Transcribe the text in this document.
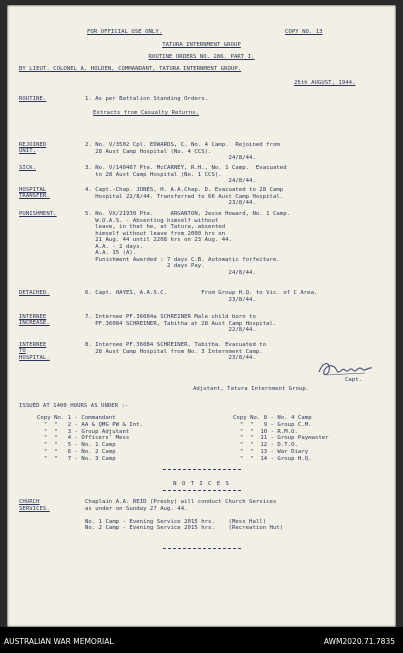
FOR OFFICIAL USE ONLY.	COPY NO. 13
TATURA INTERNMENT GROUP
ROUTINE ORDERS NO. 286. PART I.
BY LIEUT. COLONEL A. HOLDEN, COMMANDANT, TATURA INTERNMENT GROUP.
25th AUGUST, 1944.
ROUTINE.	1. As per Battalion Standing Orders.
Extracts from Casualty Returns.
REJOINED
UNIT.
2. No. V/3502 Cpl. EDWARDS, C. No. 4 Camp.  Rejoined from
28 Aust Camp Hospital (No. 4 CCS).
24/8/44.
SICK.	3. No. V/140467 Pte. McCARNEY, R.H., No. 1 Camp.  Evacuated
to 28 Aust Camp Hospital (No. 1 CCS).
24/8/44.
HOSPITAL
TRANSFER.
4. Capt.-Chap. JONES, H. A.A.Chap. D. Evacuated to 28 Camp
Hospital 22/8/44. Transferred to 66 Aust Camp Hospital.
23/8/44.
PUNISHMENT.	5. No. VX/21930 Pte.     ARGANTON, Jesse Howard, No. 1 Camp.
W.O.A.S. - Absenting himself without
leave, in that he, at Tatura, absented
himself without leave from 2000 hrs on
21 Aug. 44 until 2208 hrs on 23 Aug. 44.
A.A. - 2 days.
A.A. 15 (A).
Punishment Awarded : 7 days C.B. Automatic forfeiture.
2 days Pay.
24/8/44.
DETACHED.	6. Capt. HAYES, A.A.S.C.          From Group H.Q. to Vic. of C Area.
23/8/44.
INTERNEE
INCREASE.
7. Internee PF.36084a SCHREINER Male child born to
PF.36084 SCHREINER, Tabitha at 28 Aust Camp Hospital.
22/8/44.
INTERNEE
TO
HOSPITAL.
8. Internee PF.36084 SCHREINER, Tabitha. Evacuated to
28 Aust Camp Hospital from No. 3 Internment Camp.
23/8/44.
Capt.
Adjutant, Tatura Internment Group.
ISSUED AT 1400 HOURS AS UNDER :-
Copy No. 1 - Commandant
"  "   2 - AA & QMG PW & Int.
"  "   3 - Group Adjutant
"  "   4 - Officers' Mess
"  "   5 - No. 1 Camp
"  "   6 - No. 2 Camp
"  "   7 - No. 3 Camp
Copy No. 8 - No. 4 Camp
"  "   9 - Group C.M.
"  "  10 - R.M.O.
"  "  11 - Group Paymaster
"  "  12 - D.T.O.
"  "  13 - War Diary
"  "  14 - Group H.Q.
N O T I C E S
CHURCH
SERVICES.
Chaplain A.A. REID (Presby) will conduct Church Services
as under on Sunday 27 Aug. 44.
No. 1 Camp - Evening Service 2015 hrs.    (Mess Hall)
No. 2 Camp - Evening Service 2015 hrs.    (Recreation Hut)
AUSTRALIAN WAR MEMORIAL	AWM2020.71.7835
